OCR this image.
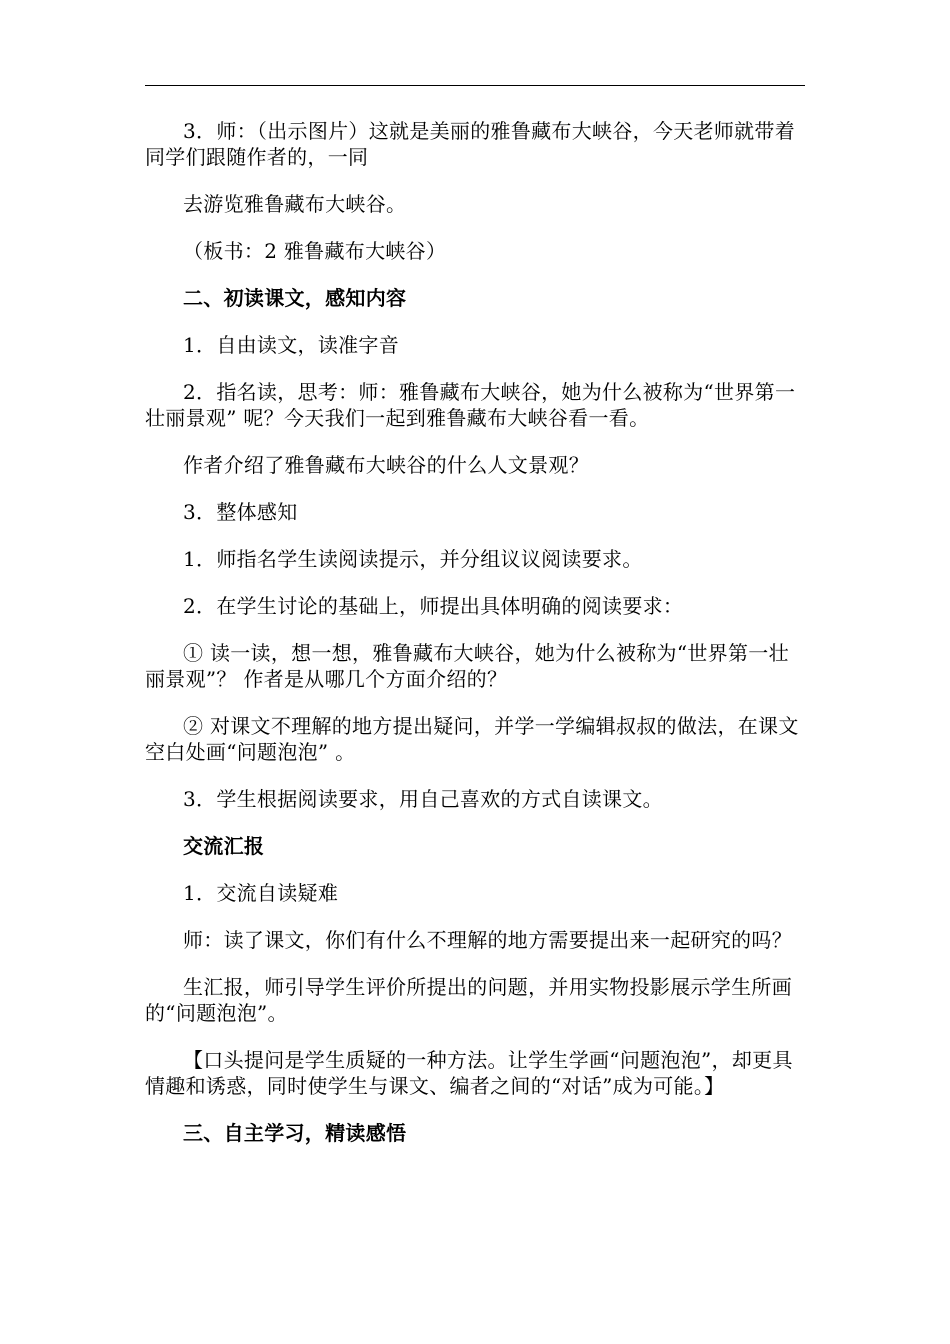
3．师：（出示图片）这就是美丽的雅鲁藏布大峡谷，今天老师就带着同学们跟随作者的，一同

去游览雅鲁藏布大峡谷。

（板书：2 雅鲁藏布大峡谷）

二、初读课文，感知内容

1．自由读文，读准字音

2．指名读，思考：师：雅鲁藏布大峡谷，她为什么被称为“世界第一壮丽景观” 呢？今天我们一起到雅鲁藏布大峡谷看一看。

作者介绍了雅鲁藏布大峡谷的什么人文景观？

3．整体感知

1．师指名学生读阅读提示，并分组议议阅读要求。

2．在学生讨论的基础上，师提出具体明确的阅读要求：

① 读一读，想一想，雅鲁藏布大峡谷，她为什么被称为“世界第一壮丽景观”？ 作者是从哪几个方面介绍的？

② 对课文不理解的地方提出疑问，并学一学编辑叔叔的做法，在课文空白处画“问题泡泡” 。

3．学生根据阅读要求，用自己喜欢的方式自读课文。

交流汇报

1．交流自读疑难

师：读了课文，你们有什么不理解的地方需要提出来一起研究的吗？

生汇报，师引导学生评价所提出的问题，并用实物投影展示学生所画的“问题泡泡”。

【口头提问是学生质疑的一种方法。让学生学画“问题泡泡”，却更具情趣和诱惑，同时使学生与课文、编者之间的“对话”成为可能。】

三、自主学习，精读感悟
